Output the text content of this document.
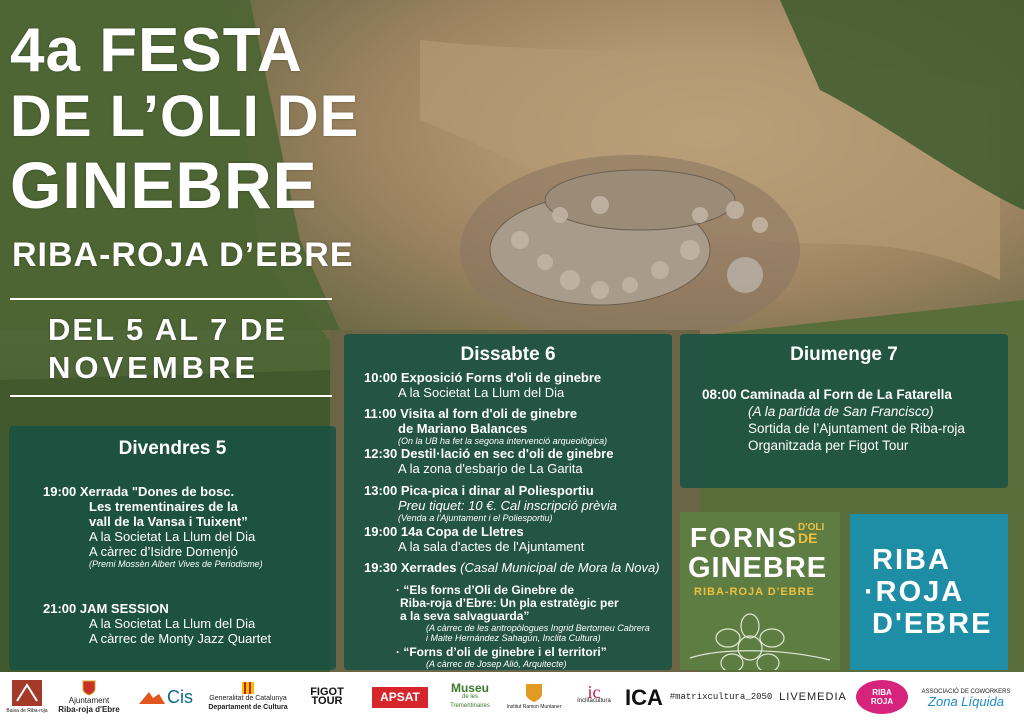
4a FESTA
DE L’OLI DE
GINEBRE
RIBA-ROJA D’EBRE
DEL 5 AL 7 DE
NOVEMBRE
Divendres 5
19:00 Xerrada "Dones de bosc.
Les trementinaires de la
vall de la Vansa i Tuixent”
A la Societat La Llum del Dia
A càrrec d’Isidre Domenjó
(Premi Mossèn Albert Vives de Periodisme)
21:00 JAM SESSION
A la Societat La Llum del Dia
A càrrec de Monty Jazz Quartet
Dissabte 6
10:00 Exposició Forns d'oli de ginebre
A la Societat La Llum del Dia
11:00 Visita al forn d'oli de ginebre
de Mariano Balances
(On la UB ha fet la segona intervenció arqueològica)
12:30 Destil·lació en sec d'oli de ginebre
A la zona d'esbarjo de La Garita
13:00 Pica-pica i dinar al Poliesportiu
Preu tiquet: 10 €. Cal inscripció prèvia
(Venda a l'Ajuntament i el Poliesportiu)
19:00 14a Copa de Lletres
A la sala d'actes de l'Ajuntament
19:30 Xerrades (Casal Municipal de Mora la Nova)
· “Els forns d’Oli de Ginebre de
Riba-roja d’Ebre: Un pla estratègic per
a la seva salvaguarda”
(A càrrec de les antropòlogues Ingrid Bertomeu Cabrera
i Maite Hernández Sahagún, Inclita Cultura)
· “Forns d’oli de ginebre i el territori”
(A càrrec de Josep Alió, Arquitecte)
Diumenge 7
08:00 Caminada al Forn de La Fatarella
(A la partida de San Francisco)
Sortida de l’Ajuntament de Riba-roja
Organitzada per Figot Tour
FORNS D'OLI
DE
GINEBRE
RIBA-ROJA D'EBRE
RIBA
·ROJA
D'EBRE
Baixa de Riba-roja
Ajuntament
Riba-roja d'Ebre
Cis Generalitat de Catalunya
Departament de Cultura
FIGOT TOUR	APSAT
Museu
de les Trementinaires	Institut Ramon Muntaner
ic
Inclitacultura ICA #matrixcultura_2050 LIVEMEDIA	RIBA ROJA
ASSOCIACIÓ DE COWORKERS
Zona Líquida
